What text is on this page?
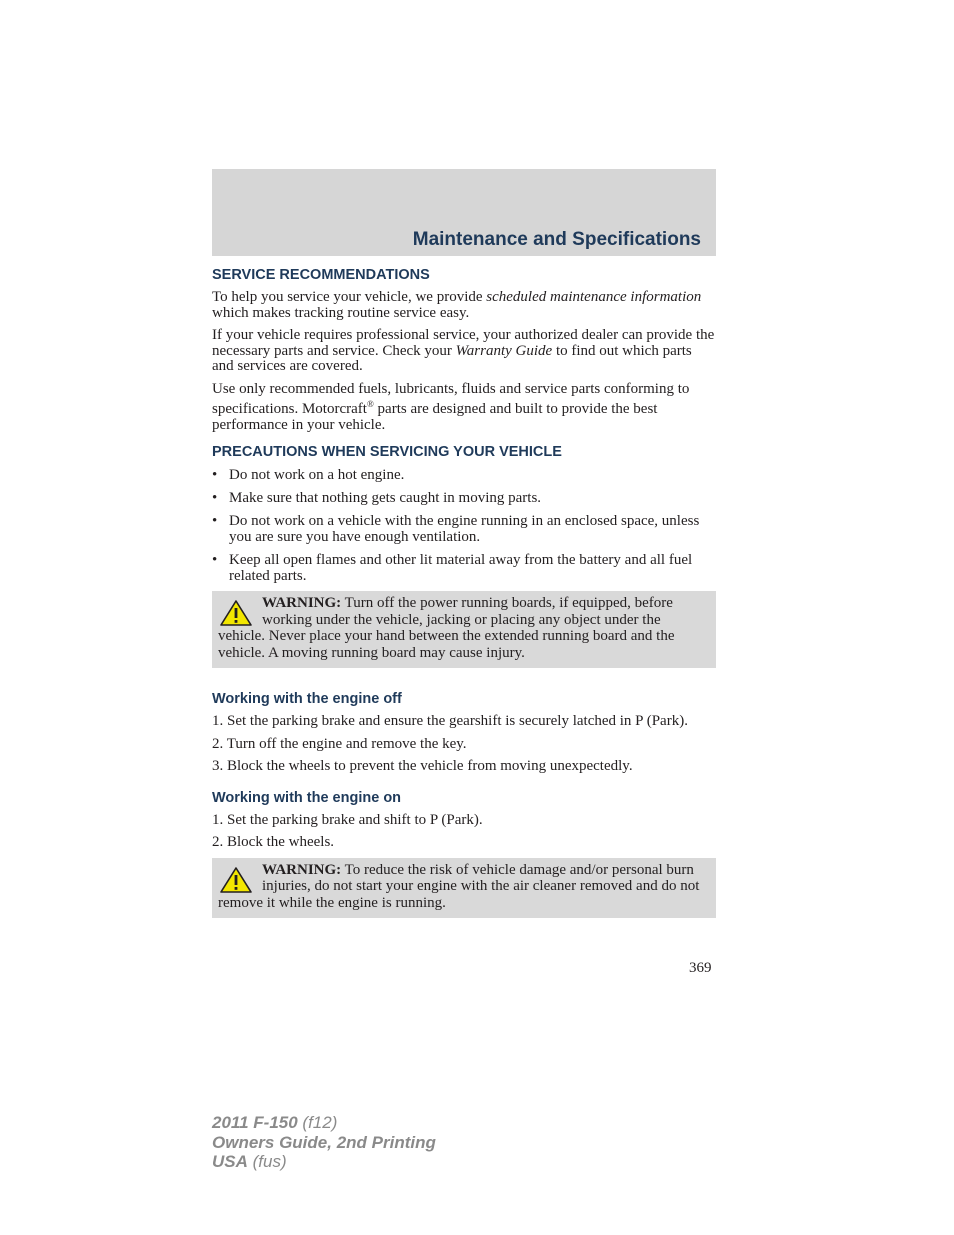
Maintenance and Specifications
SERVICE RECOMMENDATIONS

To help you service your vehicle, we provide scheduled maintenance information which makes tracking routine service easy.

If your vehicle requires professional service, your authorized dealer can provide the necessary parts and service. Check your Warranty Guide to find out which parts and services are covered.

Use only recommended fuels, lubricants, fluids and service parts conforming to specifications. Motorcraft® parts are designed and built to provide the best performance in your vehicle.

PRECAUTIONS WHEN SERVICING YOUR VEHICLE
• Do not work on a hot engine.
• Make sure that nothing gets caught in moving parts.
• Do not work on a vehicle with the engine running in an enclosed space, unless you are sure you have enough ventilation.
• Keep all open flames and other lit material away from the battery and all fuel related parts.
WARNING: Turn off the power running boards, if equipped, before working under the vehicle, jacking or placing any object under the vehicle. Never place your hand between the extended running board and the vehicle. A moving running board may cause injury.
Working with the engine off

1. Set the parking brake and ensure the gearshift is securely latched in P (Park).

2. Turn off the engine and remove the key.

3. Block the wheels to prevent the vehicle from moving unexpectedly.

Working with the engine on

1. Set the parking brake and shift to P (Park).

2. Block the wheels.

WARNING: To reduce the risk of vehicle damage and/or personal burn injuries, do not start your engine with the air cleaner removed and do not remove it while the engine is running.
369
2011 F-150 (f12)
Owners Guide, 2nd Printing
USA (fus)
